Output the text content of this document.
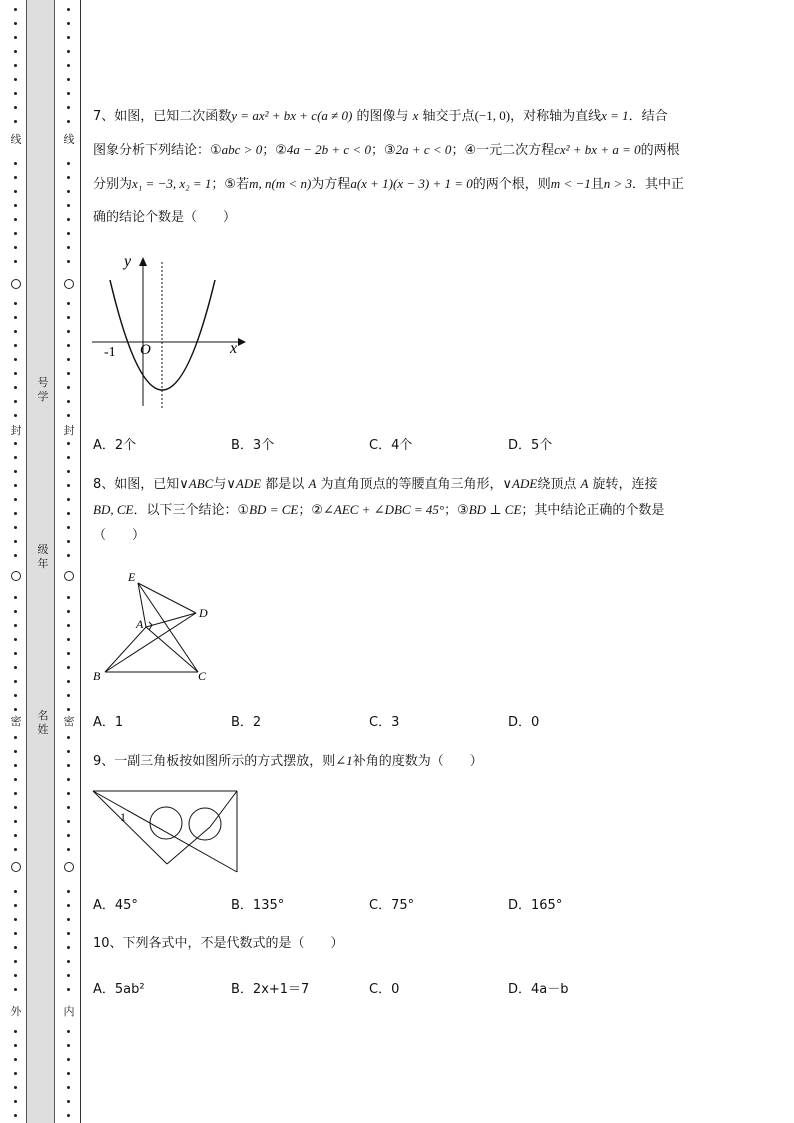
线
封
密
外
号
学
级
年
名
姓
线
封
密
内
7、如图，已知二次函数y = ax² + bx + c(a ≠ 0) 的图像与 x 轴交于点(−1, 0)，对称轴为直线x = 1．结合
图象分析下列结论：①abc > 0；②4a − 2b + c < 0；③2a + c < 0；④一元二次方程cx² + bx + a = 0的两根
分别为x₁ = −3, x₂ = 1；⑤若m, n(m < n)为方程a(x + 1)(x − 3) + 1 = 0的两个根，则m < −1且n > 3．其中正
确的结论个数是（　　）
y
x
-1 O
A．2个	B．3个	C．4个	D．5个
8、如图，已知∨ABC与∨ADE 都是以 A 为直角顶点的等腰直角三角形，∨ADE绕顶点 A 旋转，连接
BD, CE．以下三个结论：①BD = CE；②∠AEC + ∠DBC = 45°；③BD ⊥ CE；其中结论正确的个数是
（　　）
E
A
D
B	C
A．1	B．2	C．3	D．0
9、一副三角板按如图所示的方式摆放，则∠1补角的度数为（　　）
1
A．45°	B．135°	C．75°	D．165°
10、下列各式中，不是代数式的是（　　）
A．5ab²	B．2x+1＝7	C．0	D．4a－b
